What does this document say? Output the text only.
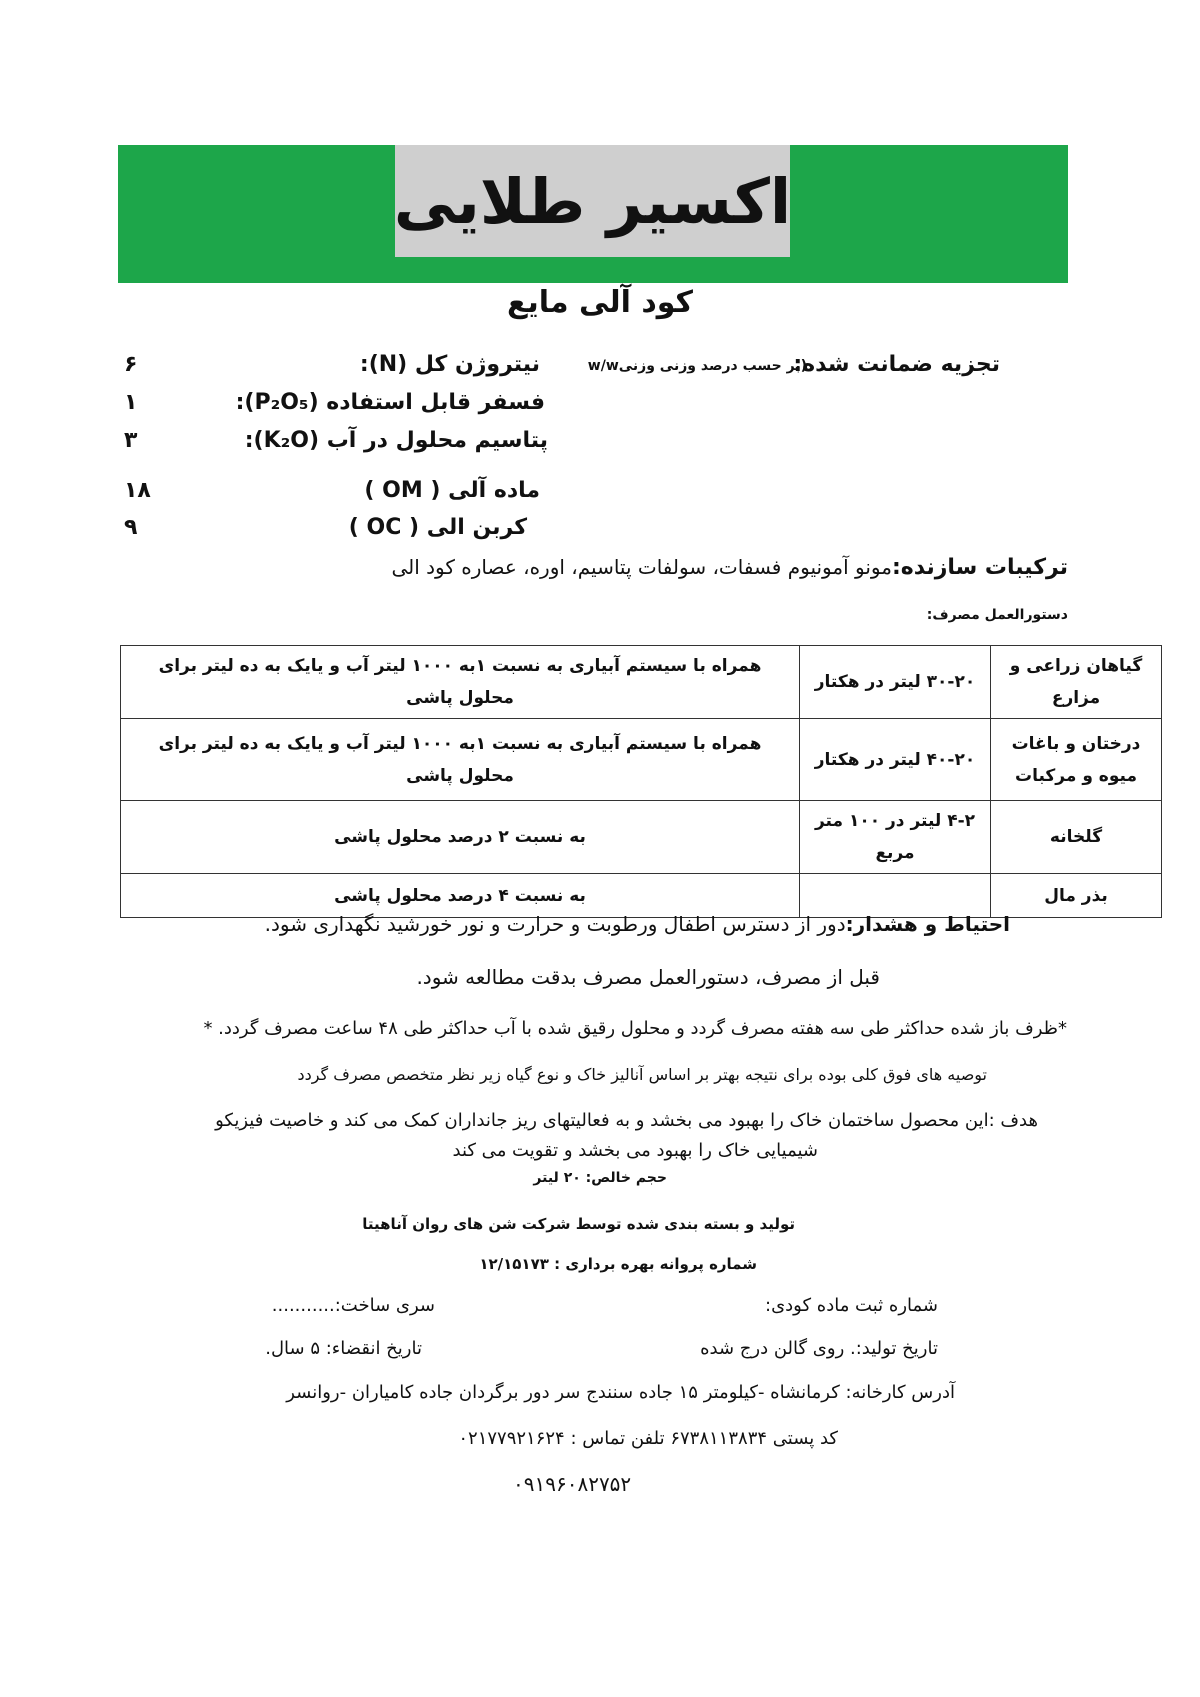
اکسیر طلایی
کود آلی مایع
تجزیه ضمانت شده:
(بر حسب درصد وزنی وزنیw/w
نیتروژن کل (N):
۶
فسفر قابل استفاده (P₂O₅):
۱
پتاسیم محلول در آب (K₂O):
۳
ماده آلی ( OM )
۱۸
کربن الی ( OC )
۹
ترکیبات سازنده:مونو آمونیوم فسفات، سولفات پتاسیم، اوره، عصاره کود الی
دستورالعمل مصرف:
گیاهان زراعی و مزارع	۳۰-۲۰ لیتر در هکتار	همراه با سیستم آبیاری به نسبت ۱به ۱۰۰۰ لیتر آب و یایک به ده لیتر برای محلول پاشی
درختان و باغات میوه و مرکبات	۴۰-۲۰ لیتر در هکتار	همراه با سیستم آبیاری به نسبت ۱به ۱۰۰۰ لیتر آب و یایک به ده لیتر برای محلول پاشی
گلخانه	۴-۲ لیتر در ۱۰۰ متر مربع	به نسبت ۲ درصد محلول پاشی
بذر مال		به نسبت ۴ درصد محلول پاشی
احتیاط و هشدار:دور از دسترس اطفال ورطوبت و حرارت و نور خورشید نگهداری شود.
قبل از مصرف، دستورالعمل مصرف بدقت مطالعه شود.
*ظرف باز شده حداکثر طی سه هفته مصرف گردد و محلول رقیق شده با آب حداکثر طی ۴۸ ساعت مصرف گردد. *
توصیه های فوق کلی بوده برای نتیجه بهتر بر اساس آنالیز خاک و نوع گیاه زیر نظر متخصص مصرف گردد
هدف :این محصول ساختمان خاک را بهبود می بخشد و به فعالیتهای ریز جانداران کمک می کند و خاصیت فیزیکو
شیمیایی خاک را بهبود می بخشد و تقویت می کند
حجم خالص: ۲۰ لیتر
تولید و بسته بندی شده توسط شرکت شن های روان آناهیتا
شماره پروانه بهره برداری : ۱۲/۱۵۱۷۳
شماره ثبت ماده کودی:
سری ساخت:...........
تاریخ تولید:. روی گالن درج شده
تاریخ انقضاء: ۵ سال.
آدرس کارخانه: کرمانشاه -کیلومتر ۱۵ جاده سنندج سر دور برگردان جاده کامیاران -روانسر
کد پستی ۶۷۳۸۱۱۳۸۳۴ تلفن تماس : ۰۲۱۷۷۹۲۱۶۲۴
۰۹۱۹۶۰۸۲۷۵۲
